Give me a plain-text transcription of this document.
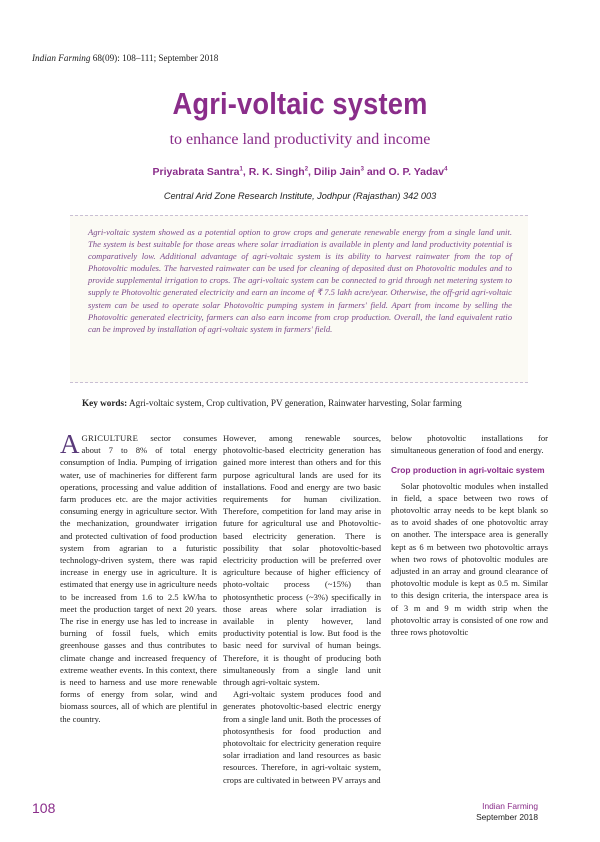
Indian Farming 68(09): 108–111; September 2018
Agri-voltaic system
to enhance land productivity and income
Priyabrata Santra$^1$, R. K. Singh$^2$, Dilip Jain$^3$ and O. P. Yadav$^4$
Central Arid Zone Research Institute, Jodhpur (Rajasthan) 342 003
Agri-voltaic system showed as a potential option to grow crops and generate renewable energy from a single land unit. The system is best suitable for those areas where solar irradiation is available in plenty and land productivity potential is comparatively low. Additional advantage of agri-voltaic system is its ability to harvest rainwater from the top of Photovoltic modules. The harvested rainwater can be used for cleaning of deposited dust on Photovoltic modules and to provide supplemental irrigation to crops. The agri-voltaic system can be connected to grid through net metering system to supply te Photovoltic generated electricity and earn an income of ₹ 7.5 lakh acre/year. Otherwise, the off-grid agri-voltaic system can be used to operate solar Photovoltic pumping system in farmers' field. Apart from income by selling the Photovoltic generated electricity, farmers can also earn income from crop production. Overall, the land equivalent ratio can be improved by installation of agri-voltaic system in farmers' field.
Key words: Agri-voltaic system, Crop cultivation, PV generation, Rainwater harvesting, Solar farming

AGRICULTURE sector consumes about 7 to 8% of total energy consumption of India. Pumping of irrigation water, use of machineries for different farm operations, processing and value addition of farm produces etc. are the major activities consuming energy in agriculture sector. With the mechanization, groundwater irrigation and protected cultivation of food production system from agrarian to a futuristic technology-driven system, there was rapid increase in energy use in agriculture. It is estimated that energy use in agriculture needs to be increased from 1.6 to 2.5 kW/ha to meet the production target of next 20 years. The rise in energy use has led to increase in burning of fossil fuels, which emits greenhouse gasses and thus contributes to climate change and increased frequency of extreme weather events. In this context, there is need to harness and use more renewable forms of energy from solar, wind and biomass sources, all of which are plentiful in the country.

However, among renewable sources, photovoltic-based electricity generation has gained more interest than others and for this purpose agricultural lands are used for its installations. Food and energy are two basic requirements for human civilization. Therefore, competition for land may arise in future for agricultural use and Photovoltic-based electricity generation. There is possibility that solar photovoltic-based electricity production will be preferred over agriculture because of higher efficiency of photo-voltaic process (~15%) than photosynthetic process (~3%) specifically in those areas where solar irradiation is available in plenty however, land productivity potential is low. But food is the basic need for survival of human beings. Therefore, it is thought of producing both simultaneously from a single land unit through agri-voltaic system.

Agri-voltaic system produces food and generates photovoltic-based electric energy from a single land unit. Both the processes of photosynthesis for food production and photovoltaic for electricity generation require solar irradiation and land resources as basic resources. Therefore, in agri-voltaic system, crops are cultivated in between PV arrays and

below photovoltic installations for simultaneous generation of food and energy.

Crop production in agri-voltaic system

Solar photovoltic modules when installed in field, a space between two rows of photovoltic array needs to be kept blank so as to avoid shades of one photovoltic array on another. The interspace area is generally kept as 6 m between two photovoltic arrays when two rows of photovoltic modules are adjusted in an array and ground clearance of photovoltic module is kept as 0.5 m. Similar to this design criteria, the interspace area is of 3 m and 9 m width strip when the photovoltic array is consisted of one row and three rows photovoltic

108	Indian Farming
September 2018
